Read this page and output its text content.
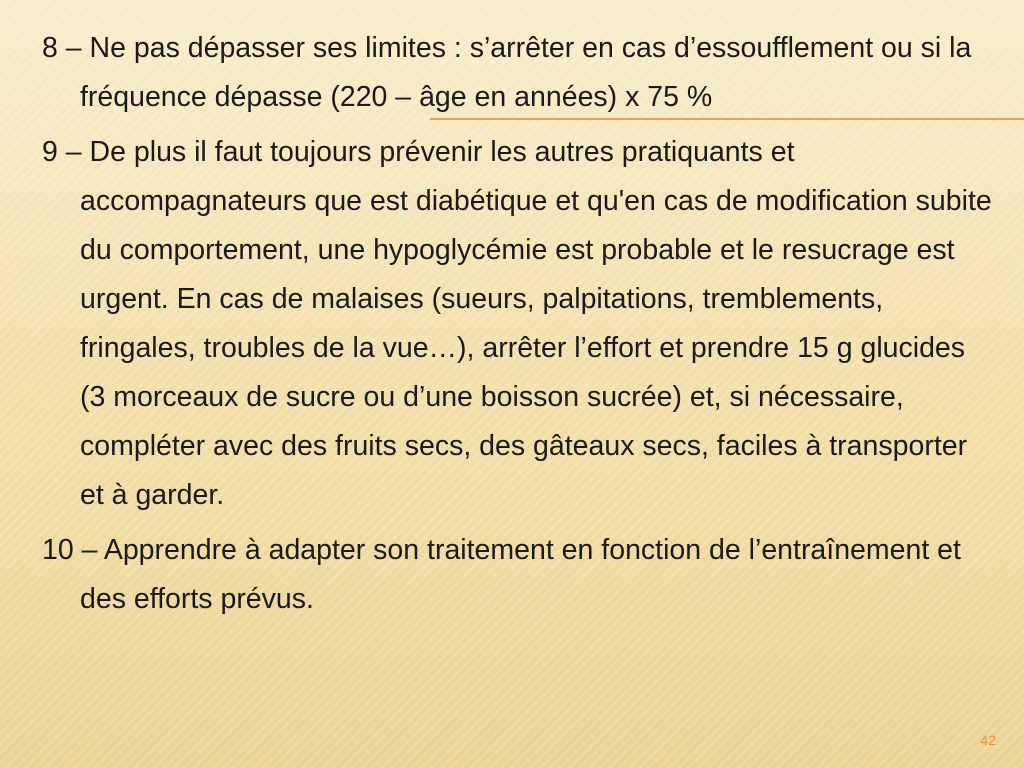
8 – Ne pas dépasser ses limites : s’arrêter en cas d’essoufflement ou si la fréquence dépasse (220 – âge en années) x 75 %

9 – De plus il faut toujours prévenir les autres pratiquants et accompagnateurs que est diabétique et qu'en cas de modification subite du comportement, une hypoglycémie est probable et le resucrage est urgent. En cas de malaises (sueurs, palpitations, tremblements, fringales, troubles de la vue…), arrêter l’effort et prendre 15 g glucides (3 morceaux de sucre ou d’une boisson sucrée) et, si nécessaire, compléter avec des fruits secs, des gâteaux secs, faciles à transporter et à garder.

10 – Apprendre à adapter son traitement en fonction de l’entraînement et des efforts prévus.

42
